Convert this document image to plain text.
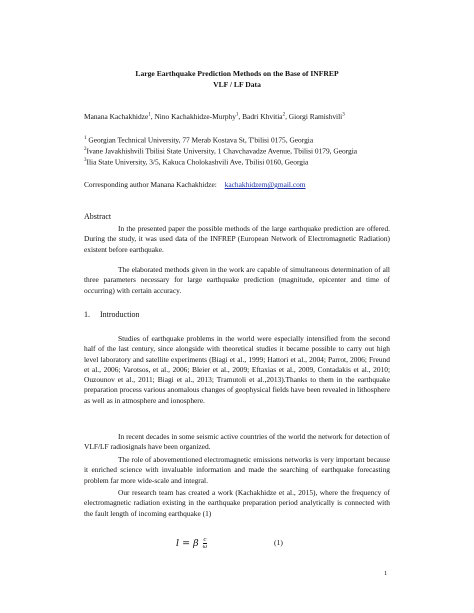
Large Earthquake Prediction Methods on the Base of INFREP
VLF / LF Data
Manana Kachakhidze$^1$, Nino Kachakhidze-Murphy$^1$, Badri Khvitia$^2$, Giorgi Ramishvili$^3$
$^1$ Georgian Technical University, 77 Merab Kostava St, T'bilisi 0175, Georgia
$^2$Ivane Javakhishvili Tbilisi State University, 1 Chavchavadze Avenue, Tbilisi 0179, Georgia
$^3$Ilia State University, 3/5, Kakuca Cholokashvili Ave, Tbilisi 0160, Georgia
Corresponding author Manana Kachakhidze: kachakhidzem@gmail.com
Abstract

In the presented paper the possible methods of the large earthquake prediction are offered. During the study, it was used data of the INFREP (European Network of Electromagnetic Radiation) existent before earthquake.

The elaborated methods given in the work are capable of simultaneous determination of all three parameters necessary for large earthquake prediction (magnitude, epicenter and time of occurring) with certain accuracy.

1. Introduction

Studies of earthquake problems in the world were especially intensified from the second half of the last century, since alongside with theoretical studies it became possible to carry out high level laboratory and satellite experiments (Biagi et al., 1999; Hattori et al., 2004; Parrot, 2006; Freund et al., 2006; Varotsos, et al., 2006; Bleier et al., 2009; Eftaxias et al., 2009, Contadakis et al., 2010; Ouzounov et al., 2011; Biagi et al., 2013; Tramutoli et al.,2013).Thanks to them in the earthquake preparation process various anomalous changes of geophysical fields have been revealed in lithosphere as well as in atmosphere and ionosphere.

In recent decades in some seismic active countries of the world the network for detection of VLF/LF radiosignals have been organized.

The role of abovementioned electromagnetic emissions networks is very important because it enriched science with invaluable information and made the searching of earthquake forecasting problem far more wide-scale and integral.

Our research team has created a work (Kachakhidze et al., 2015), where the frequency of electromagnetic radiation existing in the earthquake preparation period analytically is connected with the fault length of incoming earthquake (1)

l = β $\frac{c}{\omega}$	(1)
1
